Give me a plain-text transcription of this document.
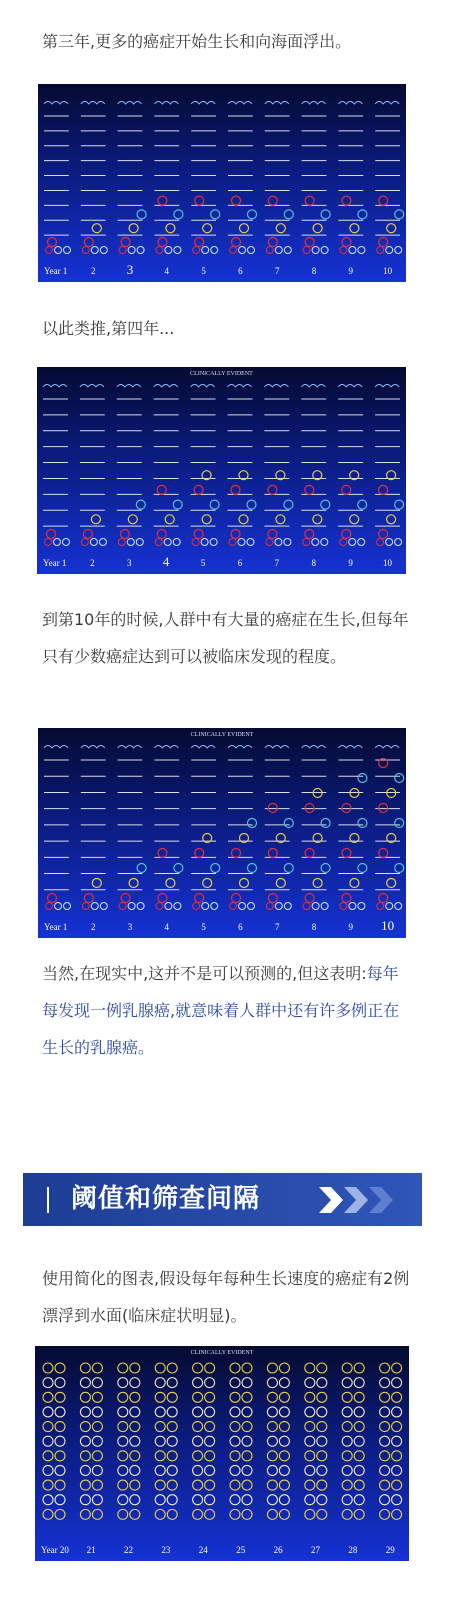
第三年,更多的癌症开始生长和向海面浮出。

Year 1	2 3	4	5	6	7	8	9	10

以此类推,第四年...

CLINICALLY EVIDENT
Year 1	2	3 4	5	6	7	8	9	10

到第10年的时候,人群中有大量的癌症在生长,但每年只有少数癌症达到可以被临床发现的程度。

CLINICALLY EVIDENT
Year 1	2	3	4	5	6	7	8	9 10

当然,在现实中,这并不是可以预测的,但这表明:每年每发现一例乳腺癌,就意味着人群中还有许多例正在生长的乳腺癌。

阈值和筛查间隔

使用简化的图表,假设每年每种生长速度的癌症有2例漂浮到水面(临床症状明显)。

CLINICALLY EVIDENT
Year 20 21	22	23	24	25	26	27	28	29
